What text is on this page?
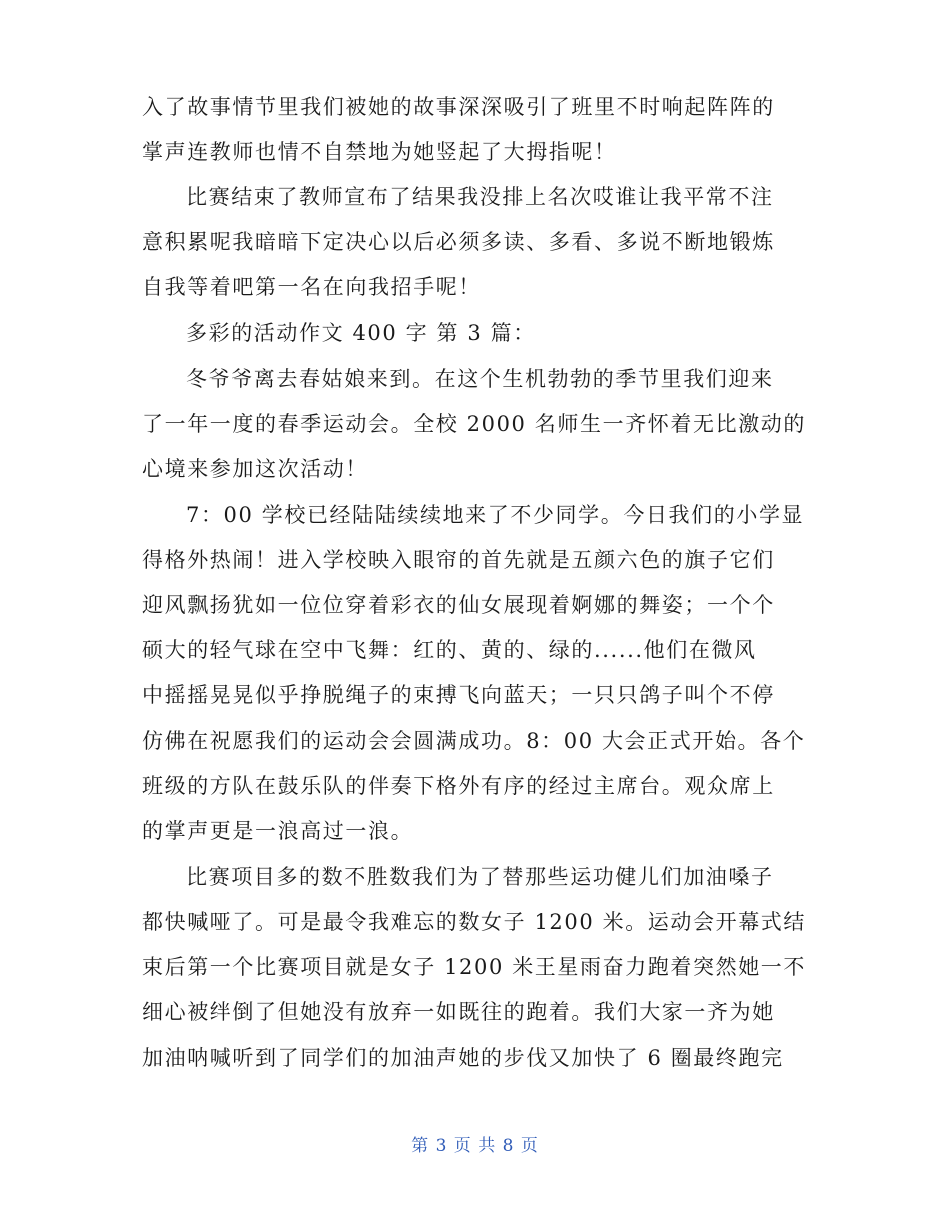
入了故事情节里我们被她的故事深深吸引了班里不时响起阵阵的
掌声连教师也情不自禁地为她竖起了大拇指呢！
比赛结束了教师宣布了结果我没排上名次哎谁让我平常不注
意积累呢我暗暗下定决心以后必须多读、多看、多说不断地锻炼
自我等着吧第一名在向我招手呢！
多彩的活动作文 400 字 第 3 篇：
冬爷爷离去春姑娘来到。在这个生机勃勃的季节里我们迎来
了一年一度的春季运动会。全校 2000 名师生一齐怀着无比激动的
心境来参加这次活动！
7：00 学校已经陆陆续续地来了不少同学。今日我们的小学显
得格外热闹！进入学校映入眼帘的首先就是五颜六色的旗子它们
迎风飘扬犹如一位位穿着彩衣的仙女展现着婀娜的舞姿；一个个
硕大的轻气球在空中飞舞：红的、黄的、绿的......他们在微风
中摇摇晃晃似乎挣脱绳子的束搏飞向蓝天；一只只鸽子叫个不停
仿佛在祝愿我们的运动会会圆满成功。8：00 大会正式开始。各个
班级的方队在鼓乐队的伴奏下格外有序的经过主席台。观众席上
的掌声更是一浪高过一浪。
比赛项目多的数不胜数我们为了替那些运功健儿们加油嗓子
都快喊哑了。可是最令我难忘的数女子 1200 米。运动会开幕式结
束后第一个比赛项目就是女子 1200 米王星雨奋力跑着突然她一不
细心被绊倒了但她没有放弃一如既往的跑着。我们大家一齐为她
加油呐喊听到了同学们的加油声她的步伐又加快了 6 圈最终跑完
第 3 页 共 8 页
